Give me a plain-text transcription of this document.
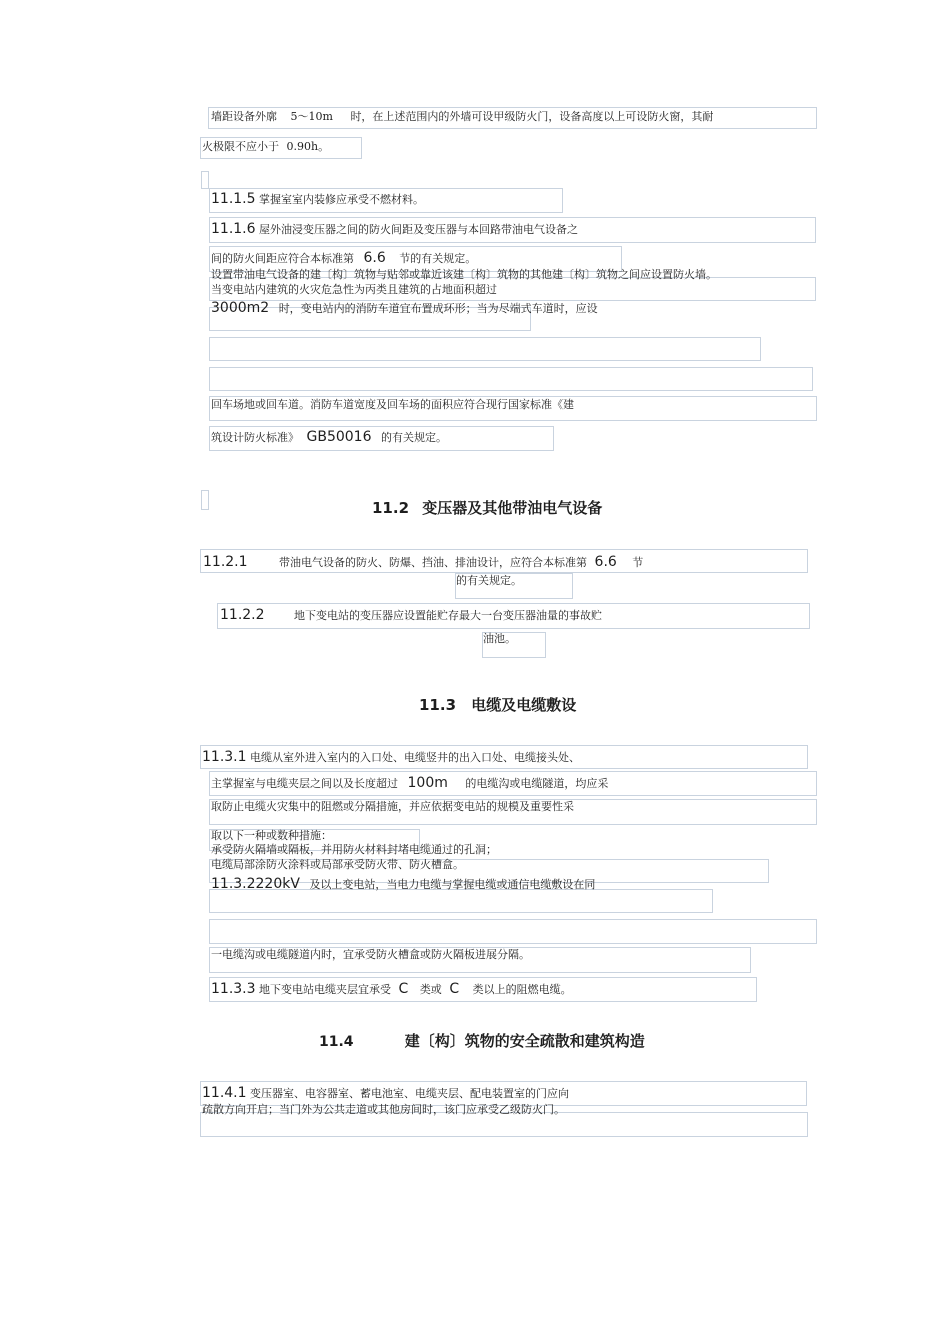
墙距设备外廓 5～10m 时，在上述范围内的外墙可设甲级防火门，设备高度以上可设防火窗，其耐
火极限不应小于 0.90h。
11.1.5 掌握室室内装修应承受不燃材料。
11.1.6 屋外油浸变压器之间的防火间距及变压器与本回路带油电气设备之
间的防火间距应符合本标准第 6.6 节的有关规定。
设置带油电气设备的建〔构〕筑物与贴邻或靠近该建〔构〕筑物的其他建〔构〕筑物之间应设置防火墙。
当变电站内建筑的火灾危急性为丙类且建筑的占地面积超过
3000m2 时，变电站内的消防车道宜布置成环形；当为尽端式车道时，应设
回车场地或回车道。消防车道宽度及回车场的面积应符合现行国家标准《建
筑设计防火标准》 GB50016 的有关规定。
11.2 变压器及其他带油电气设备
11.2.1	带油电气设备的防火、防爆、挡油、排油设计，应符合本标准第 6.6 节
的有关规定。
11.2.2	地下变电站的变压器应设置能贮存最大一台变压器油量的事故贮
油池。
11.3 电缆及电缆敷设
11.3.1 电缆从室外进入室内的入口处、电缆竖井的出入口处、电缆接头处、
主掌握室与电缆夹层之间以及长度超过 100m 的电缆沟或电缆隧道，均应采
取防止电缆火灾集中的阻燃或分隔措施，并应依据变电站的规模及重要性采
取以下一种或数种措施：
承受防火隔墙或隔板，并用防火材料封堵电缆通过的孔洞；
电缆局部涂防火涂料或局部承受防火带、防火槽盒。
11.3.2220kV 及以上变电站，当电力电缆与掌握电缆或通信电缆敷设在同
一电缆沟或电缆隧道内时，宜承受防火槽盒或防火隔板进展分隔。
11.3.3 地下变电站电缆夹层宜承受 C 类或 C 类以上的阻燃电缆。
11.4	建〔构〕筑物的安全疏散和建筑构造
11.4.1 变压器室、电容器室、蓄电池室、电缆夹层、配电装置室的门应向
疏散方向开启；当门外为公共走道或其他房间时，该门应承受乙级防火门。
